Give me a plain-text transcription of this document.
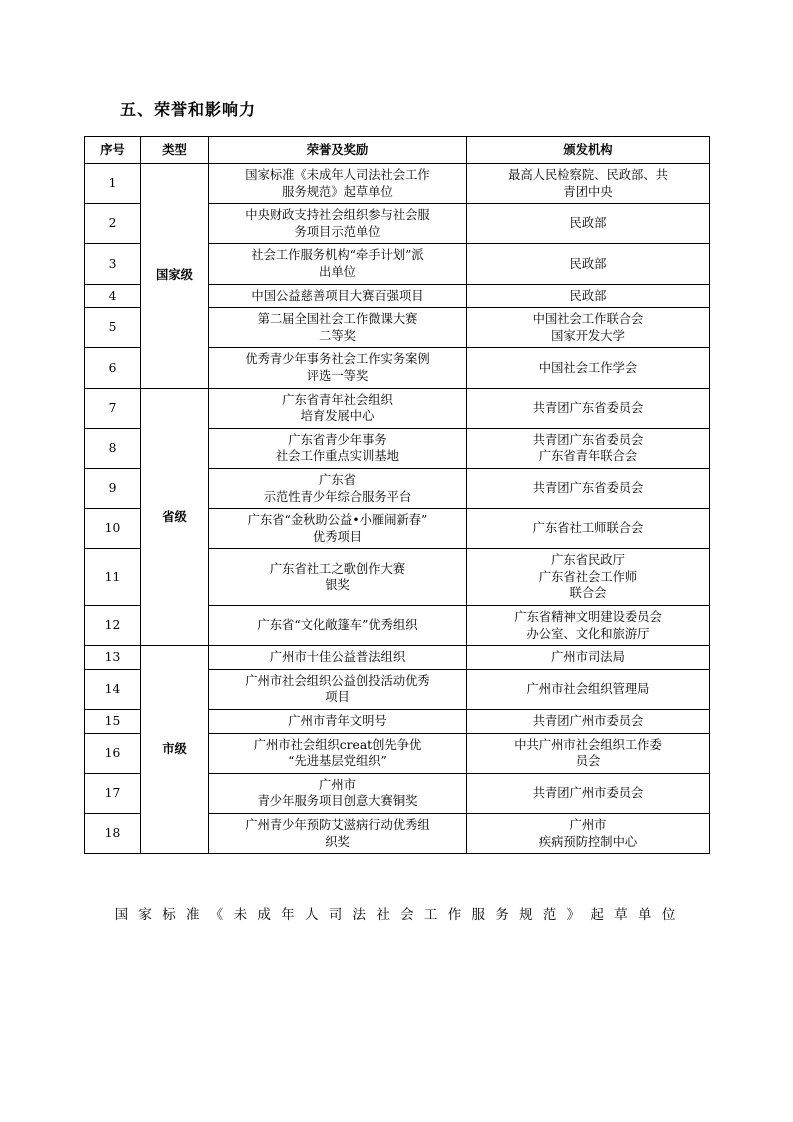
五、荣誉和影响力
序号	类型	荣誉及奖励	颁发机构
1	国家级	国家标准《未成年人司法社会工作
服务规范》起草单位	最高人民检察院、民政部、共
青团中央

2		中央财政支持社会组织参与社会服
务项目示范单位	民政部

3		社会工作服务机构“牵手计划”派
出单位	民政部

4		中国公益慈善项目大赛百强项目	民政部

5		第二届全国社会工作微课大赛
二等奖	中国社会工作联合会
国家开发大学

6		优秀青少年事务社会工作实务案例
评选一等奖	中国社会工作学会

7	省级	广东省青年社会组织
培育发展中心	共青团广东省委员会

8		广东省青少年事务
社会工作重点实训基地	共青团广东省委员会
广东省青年联合会

9		广东省
示范性青少年综合服务平台	共青团广东省委员会

10		广东省“金秋助公益•小雁闹新春”
优秀项目	广东省社工师联合会

11		广东省社工之歌创作大赛
银奖	广东省民政厅
广东省社会工作师
联合会

12		广东省“文化敞篷车”优秀组织	广东省精神文明建设委员会
办公室、文化和旅游厅

13	市级	广州市十佳公益普法组织	广州市司法局

14		广州市社会组织公益创投活动优秀
项目	广州市社会组织管理局

15		广州市青年文明号	共青团广州市委员会

16		广州市社会组织creat创先争优
“先进基层党组织”	中共广州市社会组织工作委
员会

17		广州市
青少年服务项目创意大赛铜奖	共青团广州市委员会

18		广州青少年预防艾滋病行动优秀组
织奖	广州市
疾病预防控制中心
国 家 标 准 《 未 成 年 人 司 法 社 会 工 作 服 务 规 范 》 起 草 单 位
